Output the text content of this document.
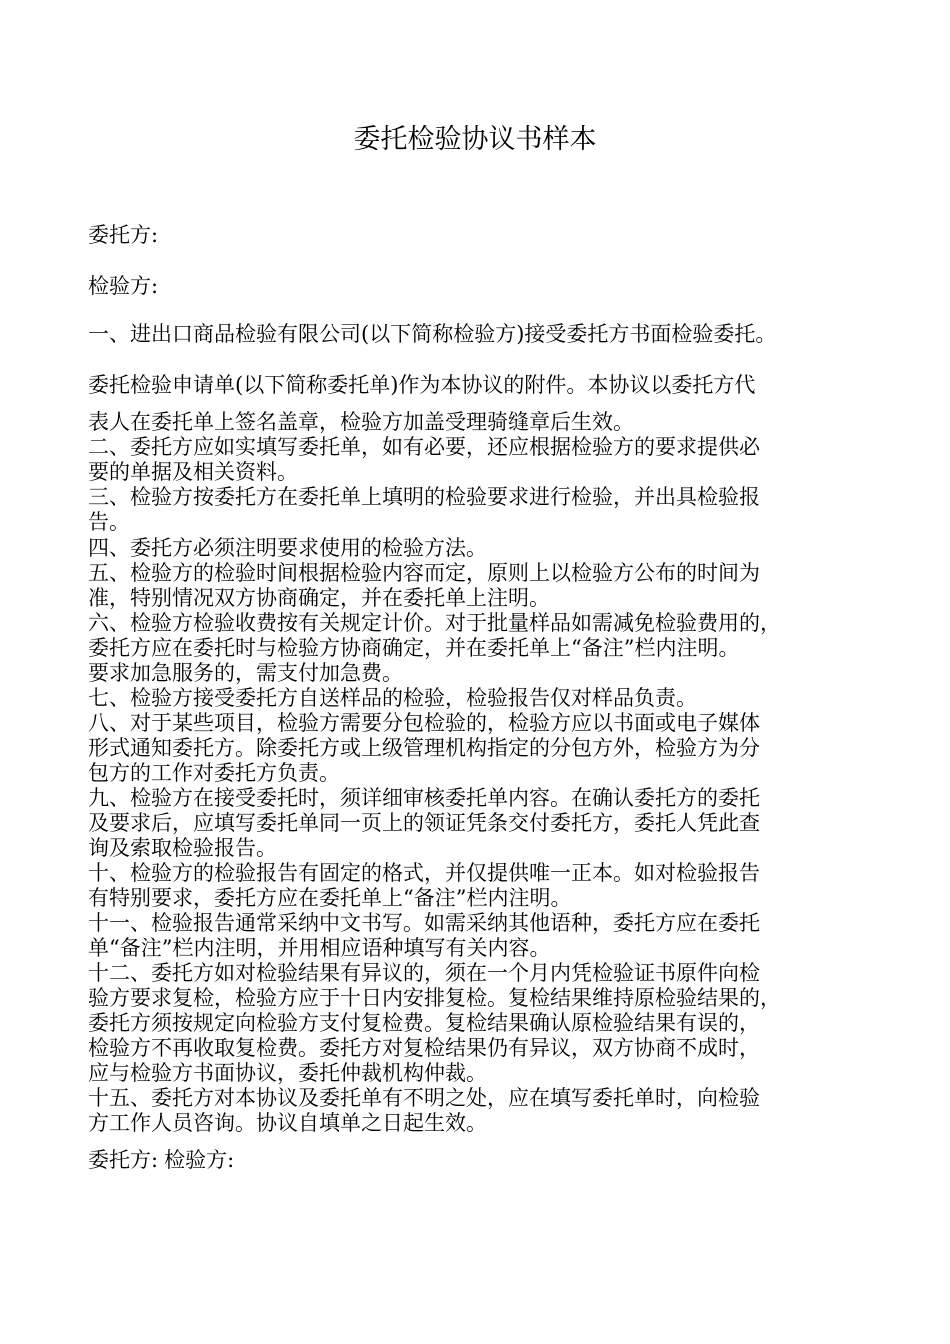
委托检验协议书样本

委托方:

检验方:

一、进出口商品检验有限公司(以下简称检验方)接受委托方书面检验委托。

委托检验申请单(以下简称委托单)作为本协议的附件。本协议以委托方代

表人在委托单上签名盖章，检验方加盖受理骑缝章后生效。

二、委托方应如实填写委托单，如有必要，还应根据检验方的要求提供必

要的单据及相关资料。

三、检验方按委托方在委托单上填明的检验要求进行检验，并出具检验报

告。

四、委托方必须注明要求使用的检验方法。

五、检验方的检验时间根据检验内容而定，原则上以检验方公布的时间为

准，特别情况双方协商确定，并在委托单上注明。

六、检验方检验收费按有关规定计价。对于批量样品如需减免检验费用的，

委托方应在委托时与检验方协商确定，并在委托单上“备注”栏内注明。

要求加急服务的，需支付加急费。

七、检验方接受委托方自送样品的检验，检验报告仅对样品负责。

八、对于某些项目，检验方需要分包检验的，检验方应以书面或电子媒体

形式通知委托方。除委托方或上级管理机构指定的分包方外，检验方为分

包方的工作对委托方负责。

九、检验方在接受委托时，须详细审核委托单内容。在确认委托方的委托

及要求后，应填写委托单同一页上的领证凭条交付委托方，委托人凭此查

询及索取检验报告。

十、检验方的检验报告有固定的格式，并仅提供唯一正本。如对检验报告

有特别要求，委托方应在委托单上“备注”栏内注明。

十一、检验报告通常采纳中文书写。如需采纳其他语种，委托方应在委托

单“备注”栏内注明，并用相应语种填写有关内容。

十二、委托方如对检验结果有异议的，须在一个月内凭检验证书原件向检

验方要求复检，检验方应于十日内安排复检。复检结果维持原检验结果的，

委托方须按规定向检验方支付复检费。复检结果确认原检验结果有误的，

检验方不再收取复检费。委托方对复检结果仍有异议，双方协商不成时，

应与检验方书面协议，委托仲裁机构仲裁。

十五、委托方对本协议及委托单有不明之处，应在填写委托单时，向检验

方工作人员咨询。协议自填单之日起生效。

委托方: 检验方:
